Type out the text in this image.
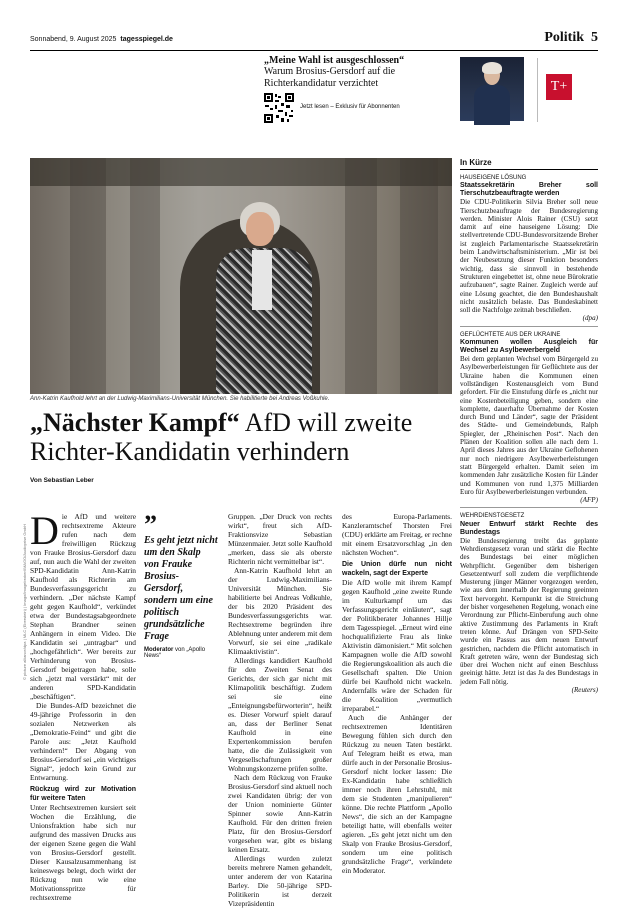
Sonnabend, 9. August 2025 tagesspiegel.de	Politik 5
„Meine Wahl ist ausgeschlossen“
Warum Brosius-Gersdorf auf die Richterkandidatur verzichtet
Jetzt lesen – Exklusiv für Abonnenten
T+
Ann-Katrin Kaufhold lehrt an der Ludwig-Maximilians-Universität München. Sie habilitierte bei Andreas Voßkuhle.
„Nächster Kampf“ AfD will zweite Richter-Kandidatin verhindern
Von Sebastian Leber
D ie AfD und weitere rechtsextreme Akteure rufen nach dem freiwilligen Rückzug von Frauke Brosius-Gersdorf dazu auf, nun auch die Wahl der zweiten SPD-Kandidatin Ann-Katrin Kaufhold als Richterin am Bundesverfassungsgericht zu verhindern. „Der nächste Kampf geht gegen Kaufhold“, verkündet etwa der Bundestagsabgeordnete Stephan Brandner seinen Anhängern in einem Video. Die Kandidatin sei „untragbar“ und „hochgefährlich“. Wer bereits zur Verhinderung von Brosius-Gersdorf beigetragen habe, solle sich „jetzt mal verstärkt“ mit der anderen SPD-Kandidatin „beschäftigen“.

Die Bundes-AfD bezeichnet die 49-jährige Professorin in den sozialen Netzwerken als „Demokratie-Feind“ und gibt die Parole aus: „Jetzt Kaufhold verhindern!“ Der Abgang von Brosius-Gersdorf sei „ein wichtiges Signal“, jedoch kein Grund zur Entwarnung.

Rückzug wird zur Motivation für weitere Taten

Unter Rechtsextremen kursiert seit Wochen die Erzählung, die Unionsfraktion habe sich nur aufgrund des massiven Drucks aus der eigenen Szene gegen die Wahl von Brosius-Gersdorf gestellt. Dieser Kausalzusammenhang ist keineswegs belegt, doch wirkt der Rückzug nun wie eine Motivationsspritze für rechtsextreme

”
Es geht jetzt nicht um den Skalp von Frauke Brosius-Gersdorf, sondern um eine politisch grundsätzliche Frage
Moderator von „Apollo News“

Gruppen. „Der Druck von rechts wirkt“, freut sich AfD-Fraktionsvize Sebastian Münzenmaier. Jetzt solle Kaufhold „merken, dass sie als oberste Richterin nicht vermittelbar ist“.

Ann-Katrin Kaufhold lehrt an der Ludwig-Maximilians-Universität München. Sie habilitierte bei Andreas Voßkuhle, der bis 2020 Präsident des Bundesverfassungsgerichts war. Rechtsextreme begründen ihre Ablehnung unter anderem mit dem Vorwurf, sie sei eine „radikale Klimaaktivistin“.

Allerdings kandidiert Kaufhold für den Zweiten Senat des Gerichts, der sich gar nicht mit Klimapolitik beschäftigt. Zudem sei sie eine „Enteignungsbefürworterin“, heißt es. Dieser Vorwurf spielt darauf an, dass der Berliner Senat Kaufhold in eine Expertenkommission berufen hatte, die die Zulässigkeit von Vergesellschaftungen großer Wohnungskonzerne prüfen sollte.

Nach dem Rückzug von Frauke Brosius-Gersdorf sind aktuell noch zwei Kandidaten übrig: der von der Union nominierte Günter Spinner sowie Ann-Katrin Kaufhold. Für den dritten freien Platz, für den Brosius-Gersdorf vorgesehen war, gibt es bislang keinen Ersatz.

Allerdings wurden zuletzt bereits mehrere Namen gehandelt, unter anderem der von Katarina Barley. Die 50-jährige SPD-Politikerin ist derzeit Vizepräsidentin

des Europa-Parlaments. Kanzleramtschef Thorsten Frei (CDU) erklärte am Freitag, er rechne mit einem Ersatzvorschlag „in den nächsten Wochen“.

Die Union dürfe nun nicht wackeln, sagt der Experte

Die AfD wolle mit ihrem Kampf gegen Kaufhold „eine zweite Runde im Kulturkampf um das Verfassungsgericht einläuten“, sagt der Politikberater Johannes Hillje dem Tagesspiegel. „Erneut wird eine hochqualifizierte Frau als linke Aktivistin dämonisiert.“ Mit solchen Kampagnen wolle die AfD sowohl die Regierungskoalition als auch die Gesellschaft spalten. Die Union dürfe bei Kaufhold nicht wackeln. Andernfalls wäre der Schaden für die Koalition „vermutlich irreparabel.“

Auch die Anhänger der rechtsextremen Identitären Bewegung fühlen sich durch den Rückzug zu neuen Taten bestärkt. Auf Telegram heißt es etwa, man dürfe auch in der Personalie Brosius-Gersdorf nicht locker lassen: Die Ex-Kandidatin habe schließlich immer noch ihren Lehrstuhl, mit dem sie Studenten „manipulieren“ könne. Die rechte Plattform „Apollo News“, die sich an der Kampagne beteiligt hatte, will ebenfalls weiter agieren. „Es geht jetzt nicht um den Skalp von Frauke Brosius-Gersdorf, sondern um eine politisch grundsätzliche Frage“, verkündete ein Moderator.

In Kürze
HAUSEIGENE LÖSUNG
Staatssekretärin Breher soll Tierschutzbeauftragte werden
Die CDU-Politikerin Silvia Breher soll neue Tierschutzbeauftragte der Bundesregierung werden. Minister Alois Rainer (CSU) setzt damit auf eine hauseigene Lösung: Die stellvertretende CDU-Bundesvorsitzende Breher ist zugleich Parlamentarische Staatssekretärin beim Landwirtschaftsministerium. „Mir ist bei der Neubesetzung dieser Funktion besonders wichtig, dass sie sinnvoll in bestehende Strukturen eingebettet ist, ohne neue Bürokratie aufzubauen“, sagte Rainer. Zugleich werde auf eine Lösung geachtet, die den Bundeshaushalt nicht zusätzlich belaste. Das Bundeskabinett soll die Nachfolge zeitnah beschließen.
(dpa)
GEFLÜCHTETE AUS DER UKRAINE
Kommunen wollen Ausgleich für Wechsel zu Asylbewerbergeld
Bei dem geplanten Wechsel vom Bürgergeld zu Asylbewerberleistungen für Geflüchtete aus der Ukraine haben die Kommunen einen vollständigen Kostenausgleich vom Bund gefordert. Für die Einstufung dürfe es „nicht nur eine Kostenbeteiligung geben, sondern eine komplette, dauerhafte Übernahme der Kosten durch Bund und Länder“, sagte der Präsident des Städte- und Gemeindebunds, Ralph Spiegler, der „Rheinischen Post“. Nach den Plänen der Koalition sollen alle nach dem 1. April dieses Jahres aus der Ukraine Geflohenen nur noch niedrigere Asylbewerberleistungen statt Bürgergeld erhalten. Damit seien im kommenden Jahr zusätzliche Kosten für Länder und Kommunen von rund 1,375 Milliarden Euro für Asylbewerberleistungen verbunden.
(AFP)
WEHRDIENSTGESETZ
Neuer Entwurf stärkt Rechte des Bundestags
Die Bundesregierung treibt das geplante Wehrdienstgesetz voran und stärkt die Rechte des Bundestags bei einer möglichen Wehrpflicht. Gegenüber dem bisherigen Gesetzentwurf soll zudem die verpflichtende Musterung jünger Männer vorgezogen werden, wie aus dem innerhalb der Regierung geeinten Text hervorgeht. Kernpunkt ist die Streichung der bisher vorgesehenen Regelung, wonach eine Verordnung zur Pflicht-Einberufung auch ohne aktive Zustimmung des Parlaments in Kraft treten könne. Auf Drängen von SPD-Seite wurde ein Passus aus dem neuen Entwurf gestrichen, nachdem die Pflicht automatisch in Kraft getreten wäre, wenn der Bundestag sich über drei Wochen nicht auf einen Beschluss geeinigt hätte. Jetzt ist das Ja des Bundestags in jedem Fall nötig.
(Reuters)
© picture alliance/dpa | MLC (Eberstein) | Imago/Imagebroker/IMAGO/Audioprise GmbH
